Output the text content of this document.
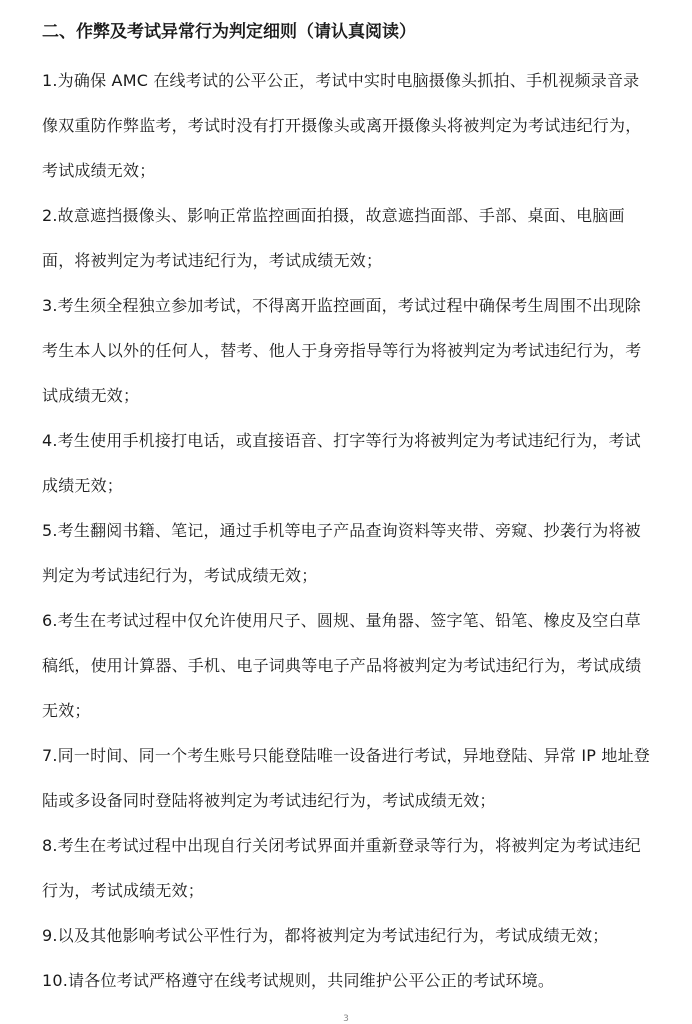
二、作弊及考试异常行为判定细则（请认真阅读）

1.为确保 AMC 在线考试的公平公正，考试中实时电脑摄像头抓拍、手机视频录音录像双重防作弊监考，考试时没有打开摄像头或离开摄像头将被判定为考试违纪行为，考试成绩无效；

2.故意遮挡摄像头、影响正常监控画面拍摄，故意遮挡面部、手部、桌面、电脑画面，将被判定为考试违纪行为，考试成绩无效；

3.考生须全程独立参加考试，不得离开监控画面，考试过程中确保考生周围不出现除考生本人以外的任何人，替考、他人于身旁指导等行为将被判定为考试违纪行为，考试成绩无效；

4.考生使用手机接打电话，或直接语音、打字等行为将被判定为考试违纪行为，考试成绩无效；

5.考生翻阅书籍、笔记，通过手机等电子产品查询资料等夹带、旁窥、抄袭行为将被判定为考试违纪行为，考试成绩无效；

6.考生在考试过程中仅允许使用尺子、圆规、量角器、签字笔、铅笔、橡皮及空白草稿纸，使用计算器、手机、电子词典等电子产品将被判定为考试违纪行为，考试成绩无效；

7.同一时间、同一个考生账号只能登陆唯一设备进行考试，异地登陆、异常 IP 地址登陆或多设备同时登陆将被判定为考试违纪行为，考试成绩无效；

8.考生在考试过程中出现自行关闭考试界面并重新登录等行为，将被判定为考试违纪行为，考试成绩无效；

9.以及其他影响考试公平性行为，都将被判定为考试违纪行为，考试成绩无效；

10.请各位考试严格遵守在线考试规则，共同维护公平公正的考试环境。

3
